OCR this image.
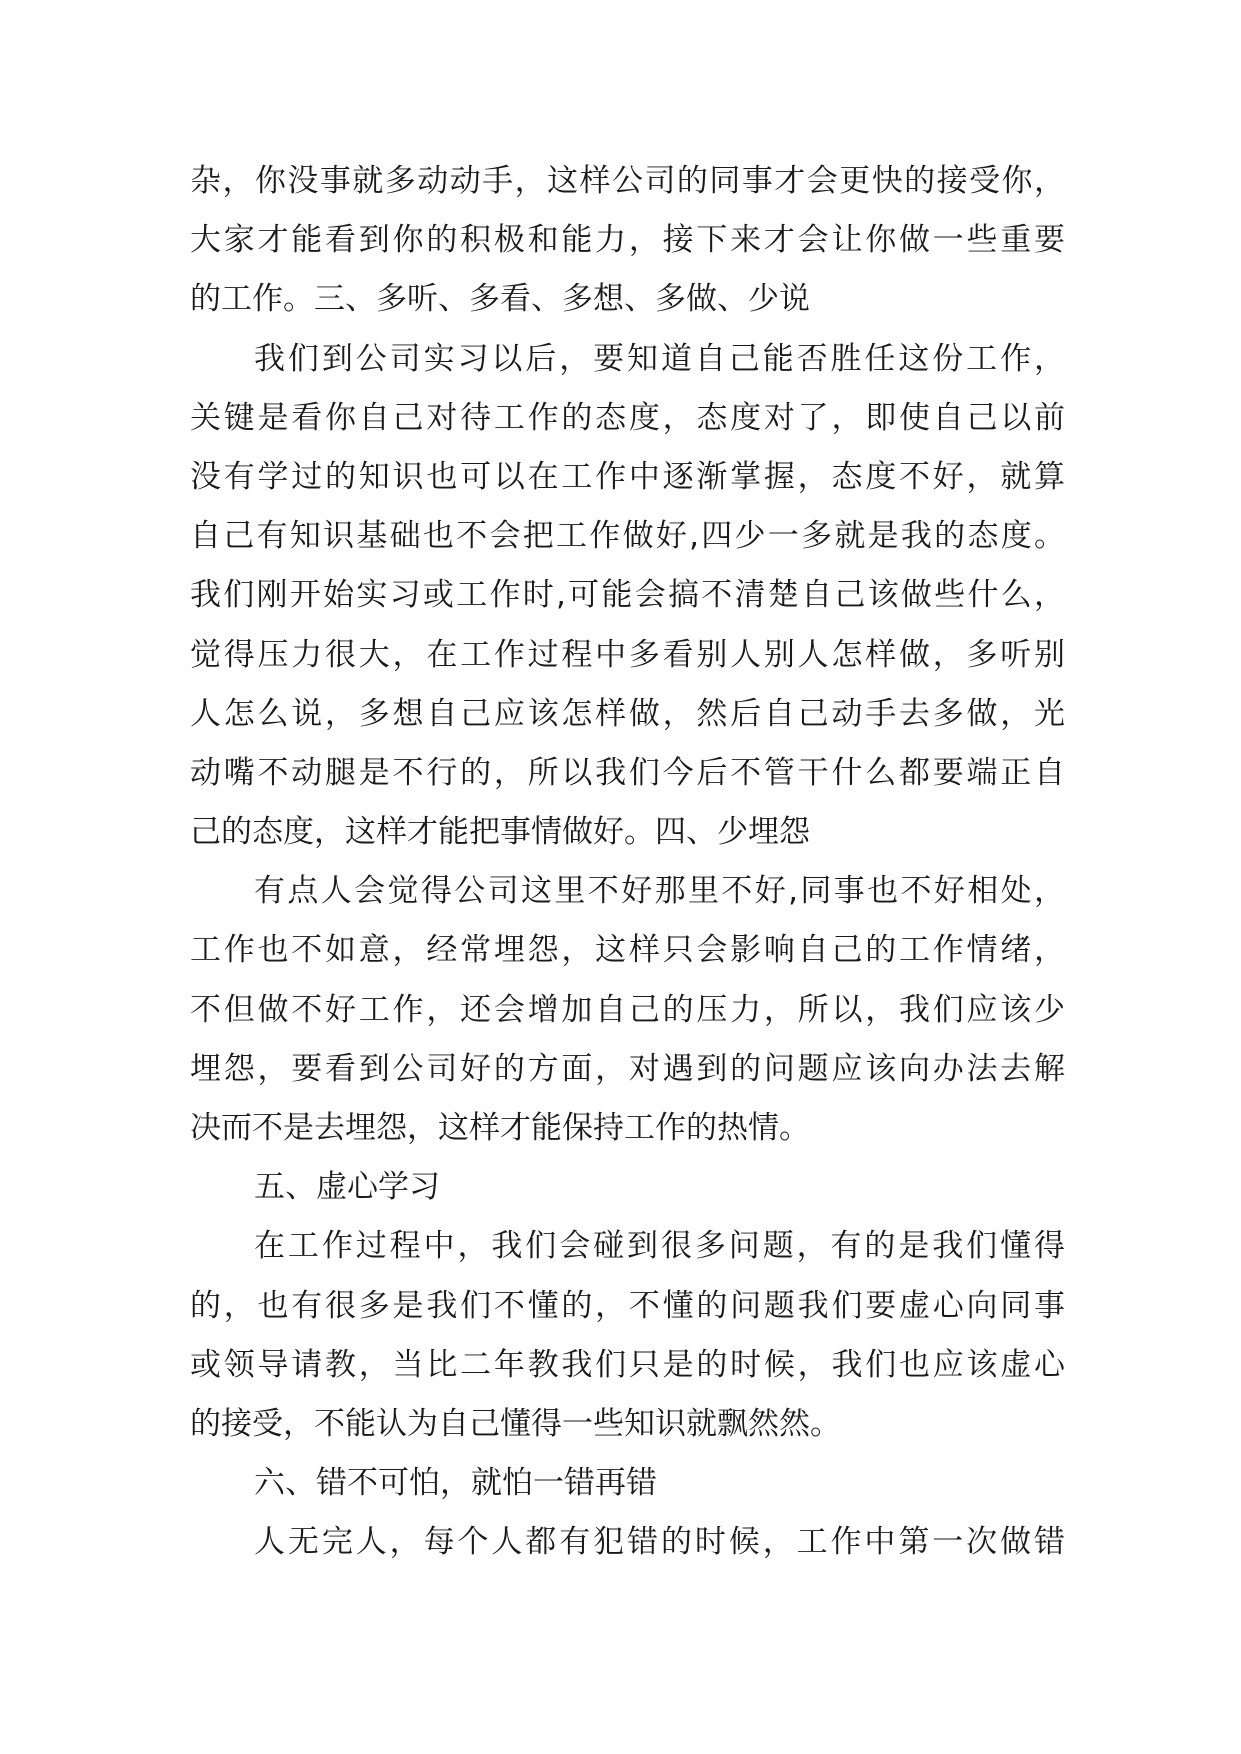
杂，你没事就多动动手，这样公司的同事才会更快的接受你，
大家才能看到你的积极和能力，接下来才会让你做一些重要
的工作。三、多听、多看、多想、多做、少说
我们到公司实习以后，要知道自己能否胜任这份工作，
关键是看你自己对待工作的态度，态度对了，即使自己以前
没有学过的知识也可以在工作中逐渐掌握，态度不好，就算
自己有知识基础也不会把工作做好,四少一多就是我的态度。
我们刚开始实习或工作时,可能会搞不清楚自己该做些什么，
觉得压力很大，在工作过程中多看别人别人怎样做，多听别
人怎么说，多想自己应该怎样做，然后自己动手去多做，光
动嘴不动腿是不行的，所以我们今后不管干什么都要端正自
己的态度，这样才能把事情做好。四、少埋怨
有点人会觉得公司这里不好那里不好,同事也不好相处，
工作也不如意，经常埋怨，这样只会影响自己的工作情绪，
不但做不好工作，还会增加自己的压力，所以，我们应该少
埋怨，要看到公司好的方面，对遇到的问题应该向办法去解
决而不是去埋怨，这样才能保持工作的热情。
五、虚心学习
在工作过程中，我们会碰到很多问题，有的是我们懂得
的，也有很多是我们不懂的，不懂的问题我们要虚心向同事
或领导请教，当比二年教我们只是的时候，我们也应该虚心
的接受，不能认为自己懂得一些知识就飘然然。
六、错不可怕，就怕一错再错
人无完人，每个人都有犯错的时候，工作中第一次做错
